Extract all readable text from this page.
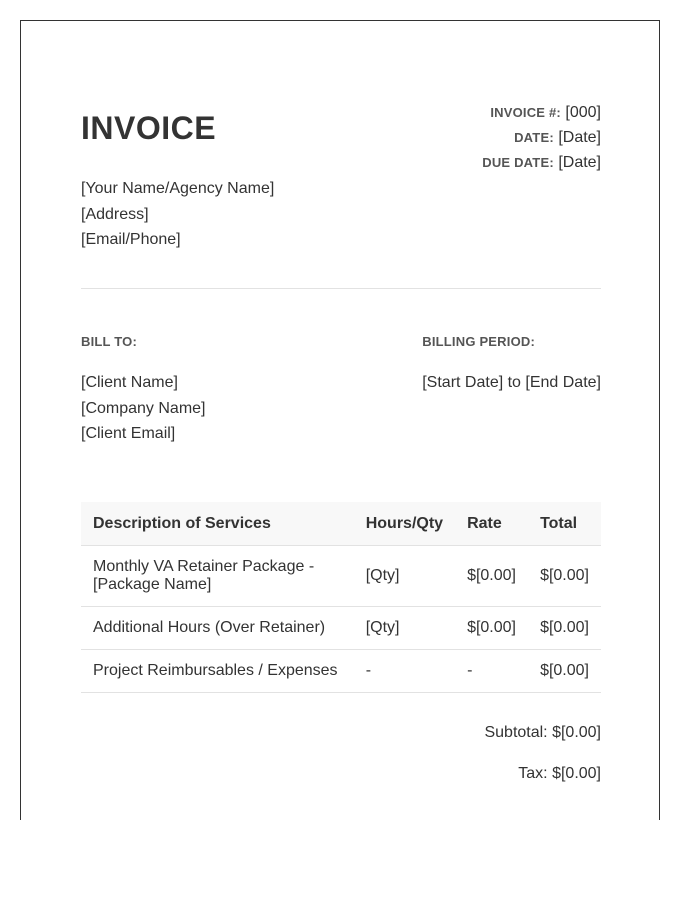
INVOICE	INVOICE #: [000]
DATE: [Date]
DUE DATE: [Date]
[Your Name/Agency Name]
[Address]
[Email/Phone]
BILL TO:
[Client Name]
[Company Name]
[Client Email]
BILLING PERIOD:
[Start Date] to [End Date]
Description of Services	Hours/Qty	Rate	Total
Monthly VA Retainer Package - [Package Name]	[Qty]	$[0.00]	$[0.00]
Additional Hours (Over Retainer)	[Qty]	$[0.00]	$[0.00]
Project Reimbursables / Expenses	-	-	$[0.00]
Subtotal: $[0.00]
Tax: $[0.00]
